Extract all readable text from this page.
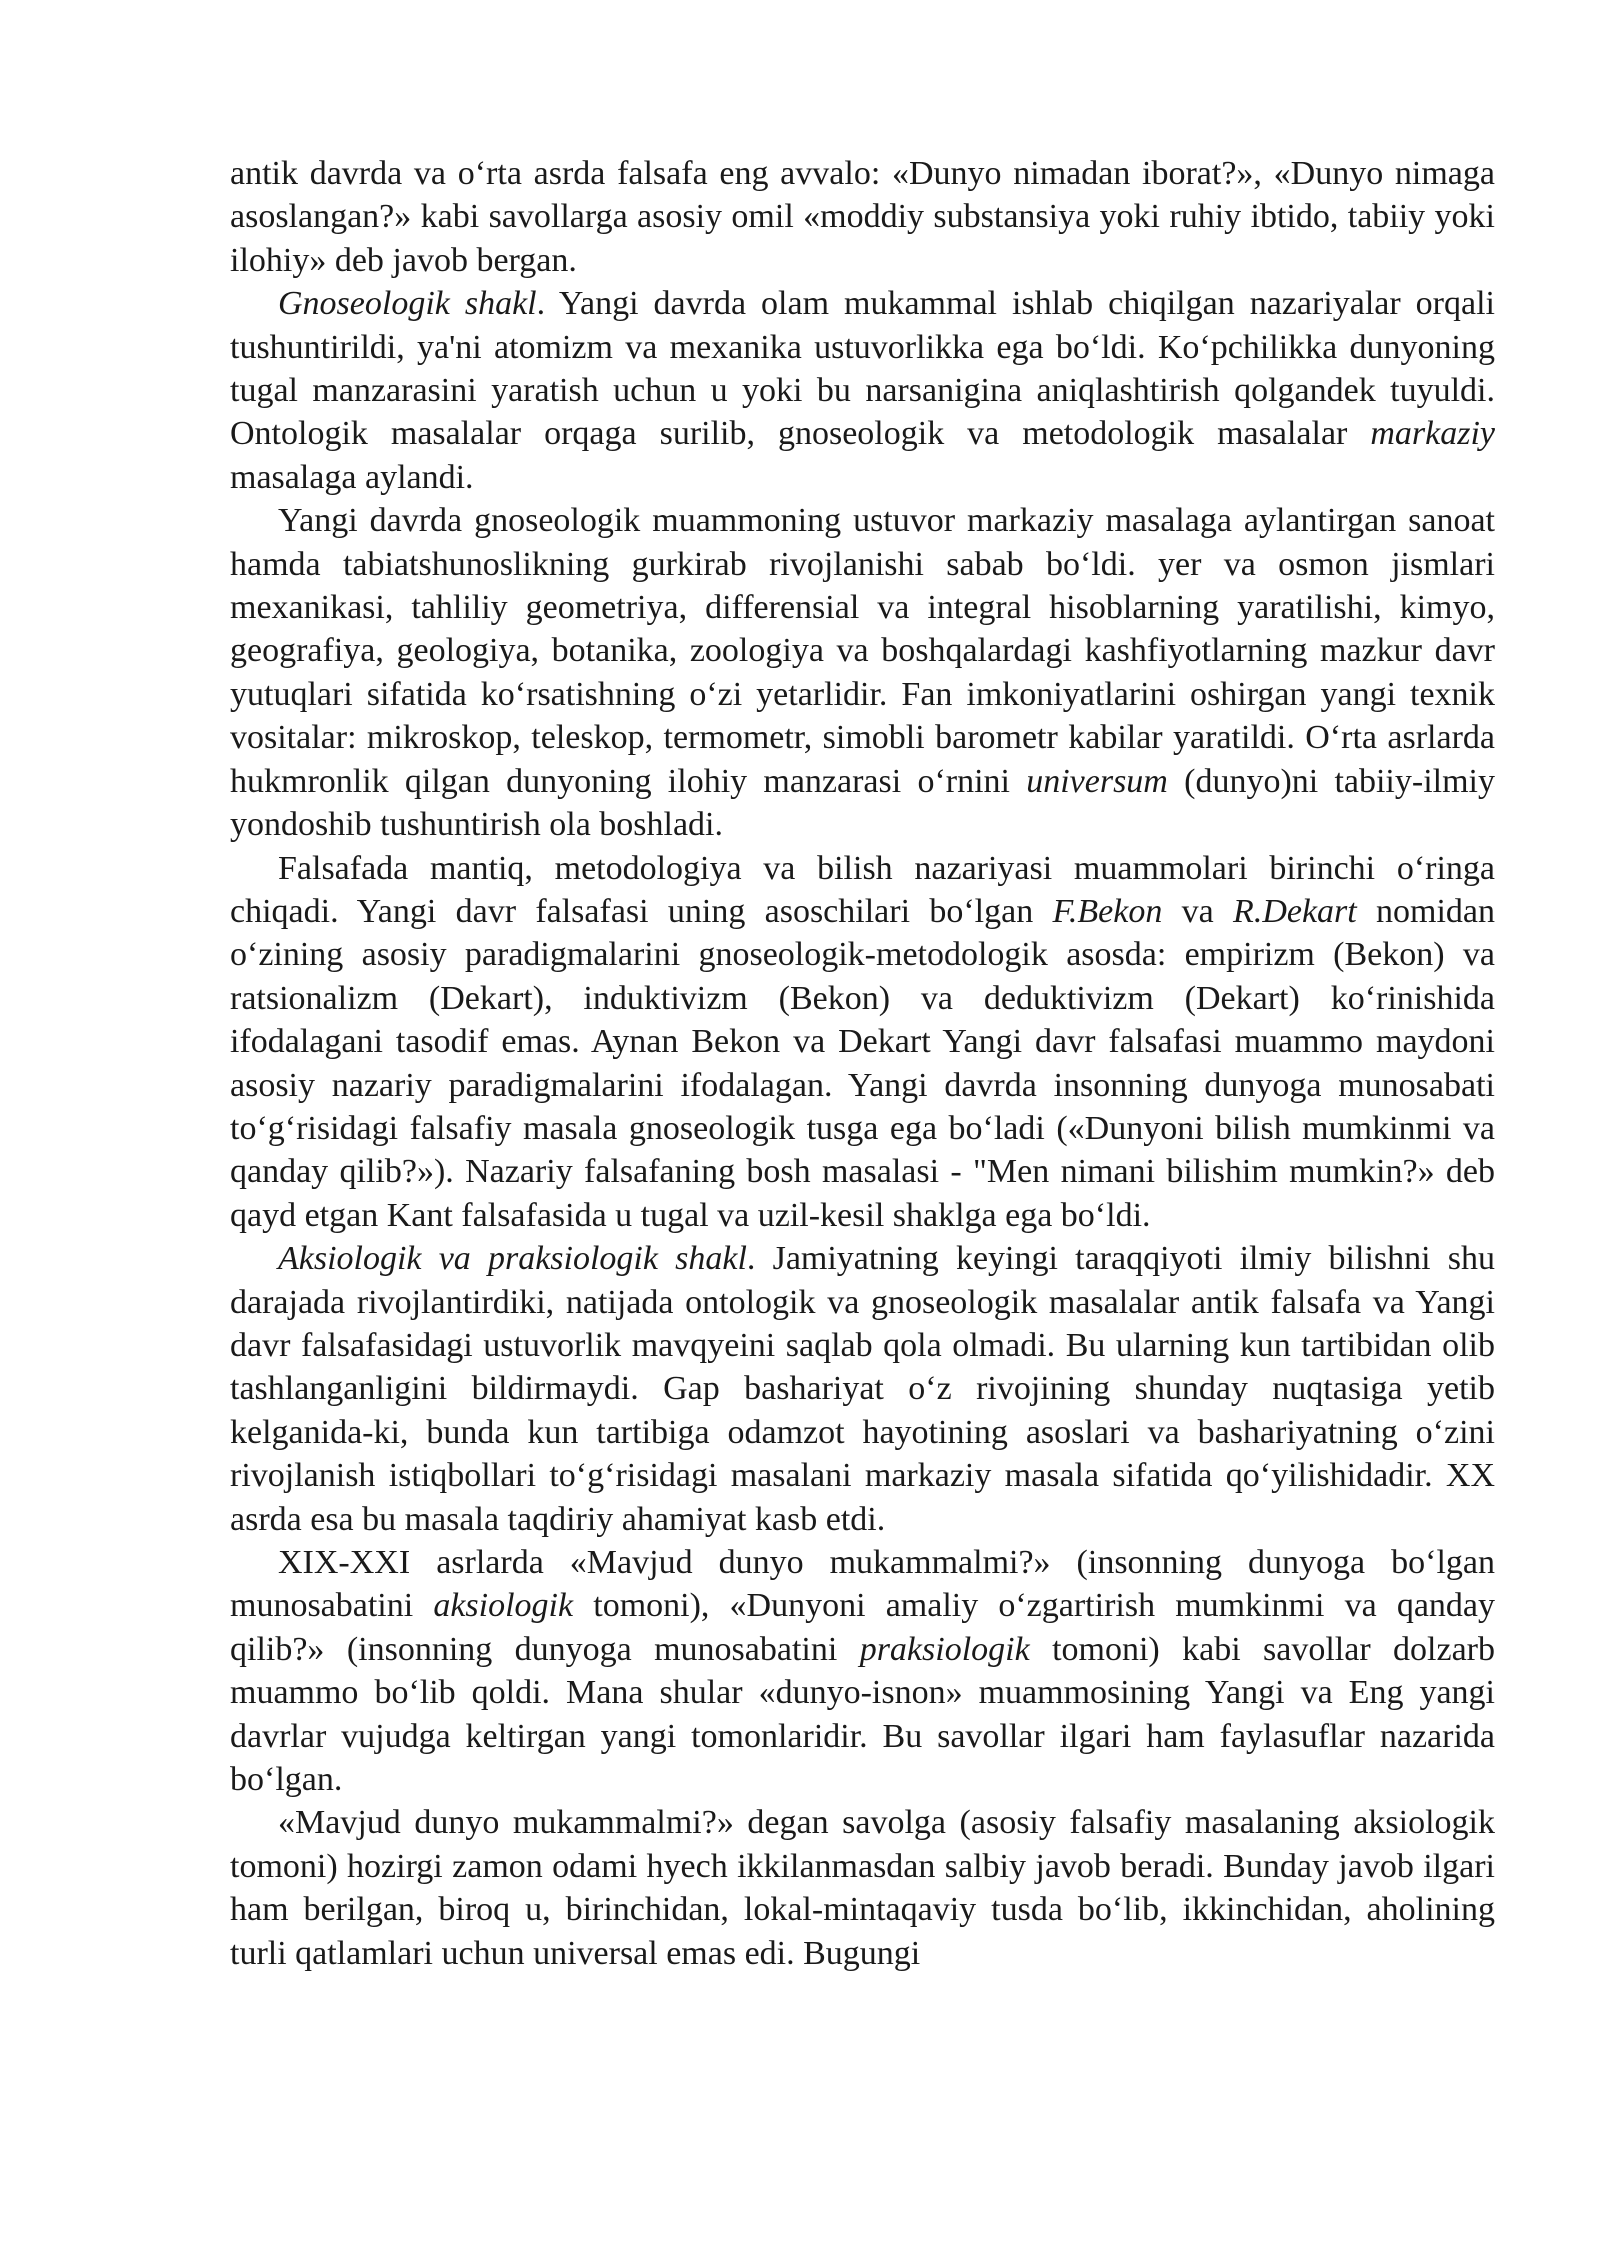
antik davrda va o‘rta asrda falsafa eng avvalo: «Dunyo nimadan iborat?», «Dunyo nimaga asoslangan?» kabi savollarga asosiy omil «moddiy substansiya yoki ruhiy ibtido, tabiiy yoki ilohiy» deb javob bergan.

Gnoseologik shakl. Yangi davrda olam mukammal ishlab chiqilgan nazariyalar orqali tushuntirildi, ya'ni atomizm va mexanika ustuvorlikka ega bo‘ldi. Ko‘pchilikka dunyoning tugal manzarasini yaratish uchun u yoki bu narsanigina aniqlashtirish qolgandek tuyuldi. Ontologik masalalar orqaga surilib, gnoseologik va metodologik masalalar markaziy masalaga aylandi.

Yangi davrda gnoseologik muammoning ustuvor markaziy masalaga aylantirgan sanoat hamda tabiatshunoslikning gurkirab rivojlanishi sabab bo‘ldi. yer va osmon jismlari mexanikasi, tahliliy geometriya, differensial va integral hisoblarning yaratilishi, kimyo, geografiya, geologiya, botanika, zoologiya va boshqalardagi kashfiyotlarning mazkur davr yutuqlari sifatida ko‘rsatishning o‘zi yetarlidir. Fan imkoniyatlarini oshirgan yangi texnik vositalar: mikroskop, teleskop, termometr, simobli barometr kabilar yaratildi. O‘rta asrlarda hukmronlik qilgan dunyoning ilohiy manzarasi o‘rnini universum (dunyo)ni tabiiy-ilmiy yondoshib tushuntirish ola boshladi.

Falsafada mantiq, metodologiya va bilish nazariyasi muammolari birinchi o‘ringa chiqadi. Yangi davr falsafasi uning asoschilari bo‘lgan F.Bekon va R.Dekart nomidan o‘zining asosiy paradigmalarini gnoseologik-metodologik asosda: empirizm (Bekon) va ratsionalizm (Dekart), induktivizm (Bekon) va deduktivizm (Dekart) ko‘rinishida ifodalagani tasodif emas. Aynan Bekon va Dekart Yangi davr falsafasi muammo maydoni asosiy nazariy paradigmalarini ifodalagan. Yangi davrda insonning dunyoga munosabati to‘g‘risidagi falsafiy masala gnoseologik tusga ega bo‘ladi («Dunyoni bilish mumkinmi va qanday qilib?»). Nazariy falsafaning bosh masalasi - "Men nimani bilishim mumkin?» deb qayd etgan Kant falsafasida u tugal va uzil-kesil shaklga ega bo‘ldi.

Aksiologik va praksiologik shakl. Jamiyatning keyingi taraqqiyoti ilmiy bilishni shu darajada rivojlantirdiki, natijada ontologik va gnoseologik masalalar antik falsafa va Yangi davr falsafasidagi ustuvorlik mavqyeini saqlab qola olmadi. Bu ularning kun tartibidan olib tashlanganligini bildirmaydi. Gap bashariyat o‘z rivojining shunday nuqtasiga yetib kelganida-ki, bunda kun tartibiga odamzot hayotining asoslari va bashariyatning o‘zini rivojlanish istiqbollari to‘g‘risidagi masalani markaziy masala sifatida qo‘yilishidadir. XX asrda esa bu masala taqdiriy ahamiyat kasb etdi.

XIX-XXI asrlarda «Mavjud dunyo mukammalmi?» (insonning dunyoga bo‘lgan munosabatini aksiologik tomoni), «Dunyoni amaliy o‘zgartirish mumkinmi va qanday qilib?» (insonning dunyoga munosabatini praksiologik tomoni) kabi savollar dolzarb muammo bo‘lib qoldi. Mana shular «dunyo-isnon» muammosining Yangi va Eng yangi davrlar vujudga keltirgan yangi tomonlaridir. Bu savollar ilgari ham faylasuflar nazarida bo‘lgan.

«Mavjud dunyo mukammalmi?» degan savolga (asosiy falsafiy masalaning aksiologik tomoni) hozirgi zamon odami hyech ikkilanmasdan salbiy javob beradi. Bunday javob ilgari ham berilgan, biroq u, birinchidan, lokal-mintaqaviy tusda bo‘lib, ikkinchidan, aholining turli qatlamlari uchun universal emas edi. Bugungi
